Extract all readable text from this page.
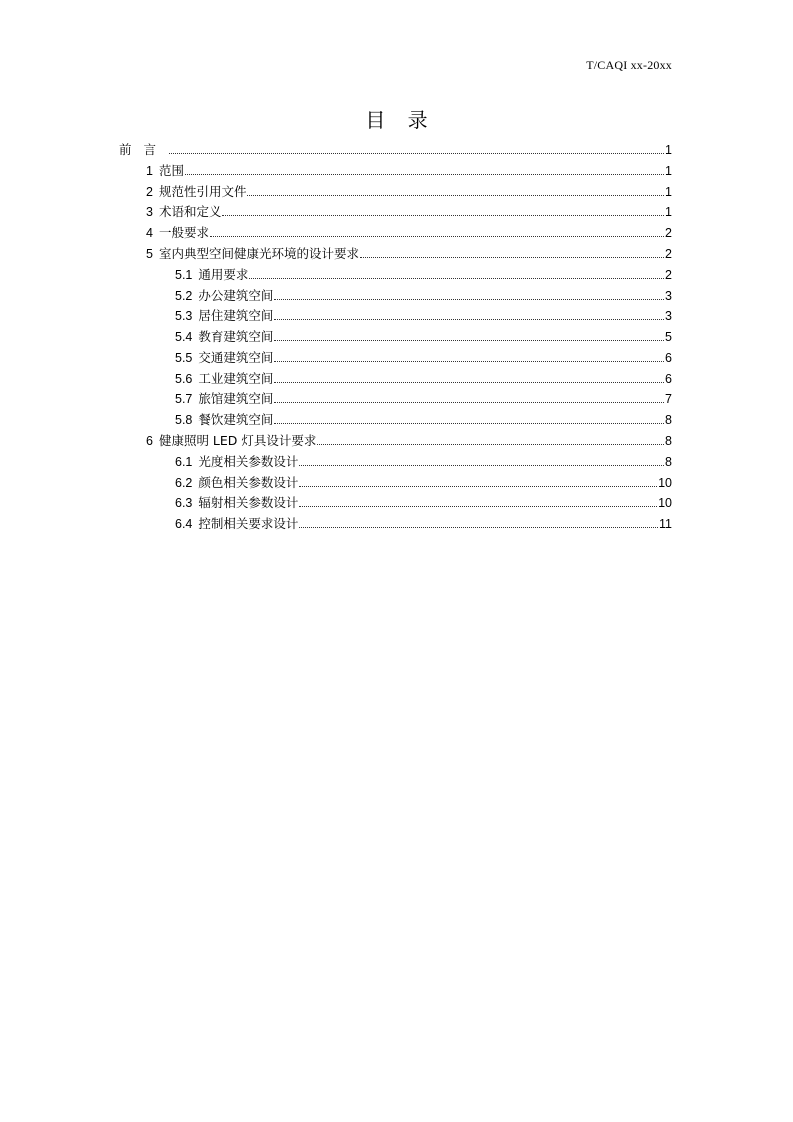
T/CAQI xx-20xx
目 录
前言	1
1 范围	1
2 规范性引用文件	1
3 术语和定义	1
4 一般要求	2
5 室内典型空间健康光环境的设计要求	2
5.1 通用要求	2
5.2 办公建筑空间	3
5.3 居住建筑空间	3
5.4 教育建筑空间	5
5.5 交通建筑空间	6
5.6 工业建筑空间	6
5.7 旅馆建筑空间	7
5.8 餐饮建筑空间	8
6 健康照明 LED 灯具设计要求	8
6.1 光度相关参数设计	8
6.2 颜色相关参数设计	10
6.3 辐射相关参数设计	10
6.4 控制相关要求设计	11
